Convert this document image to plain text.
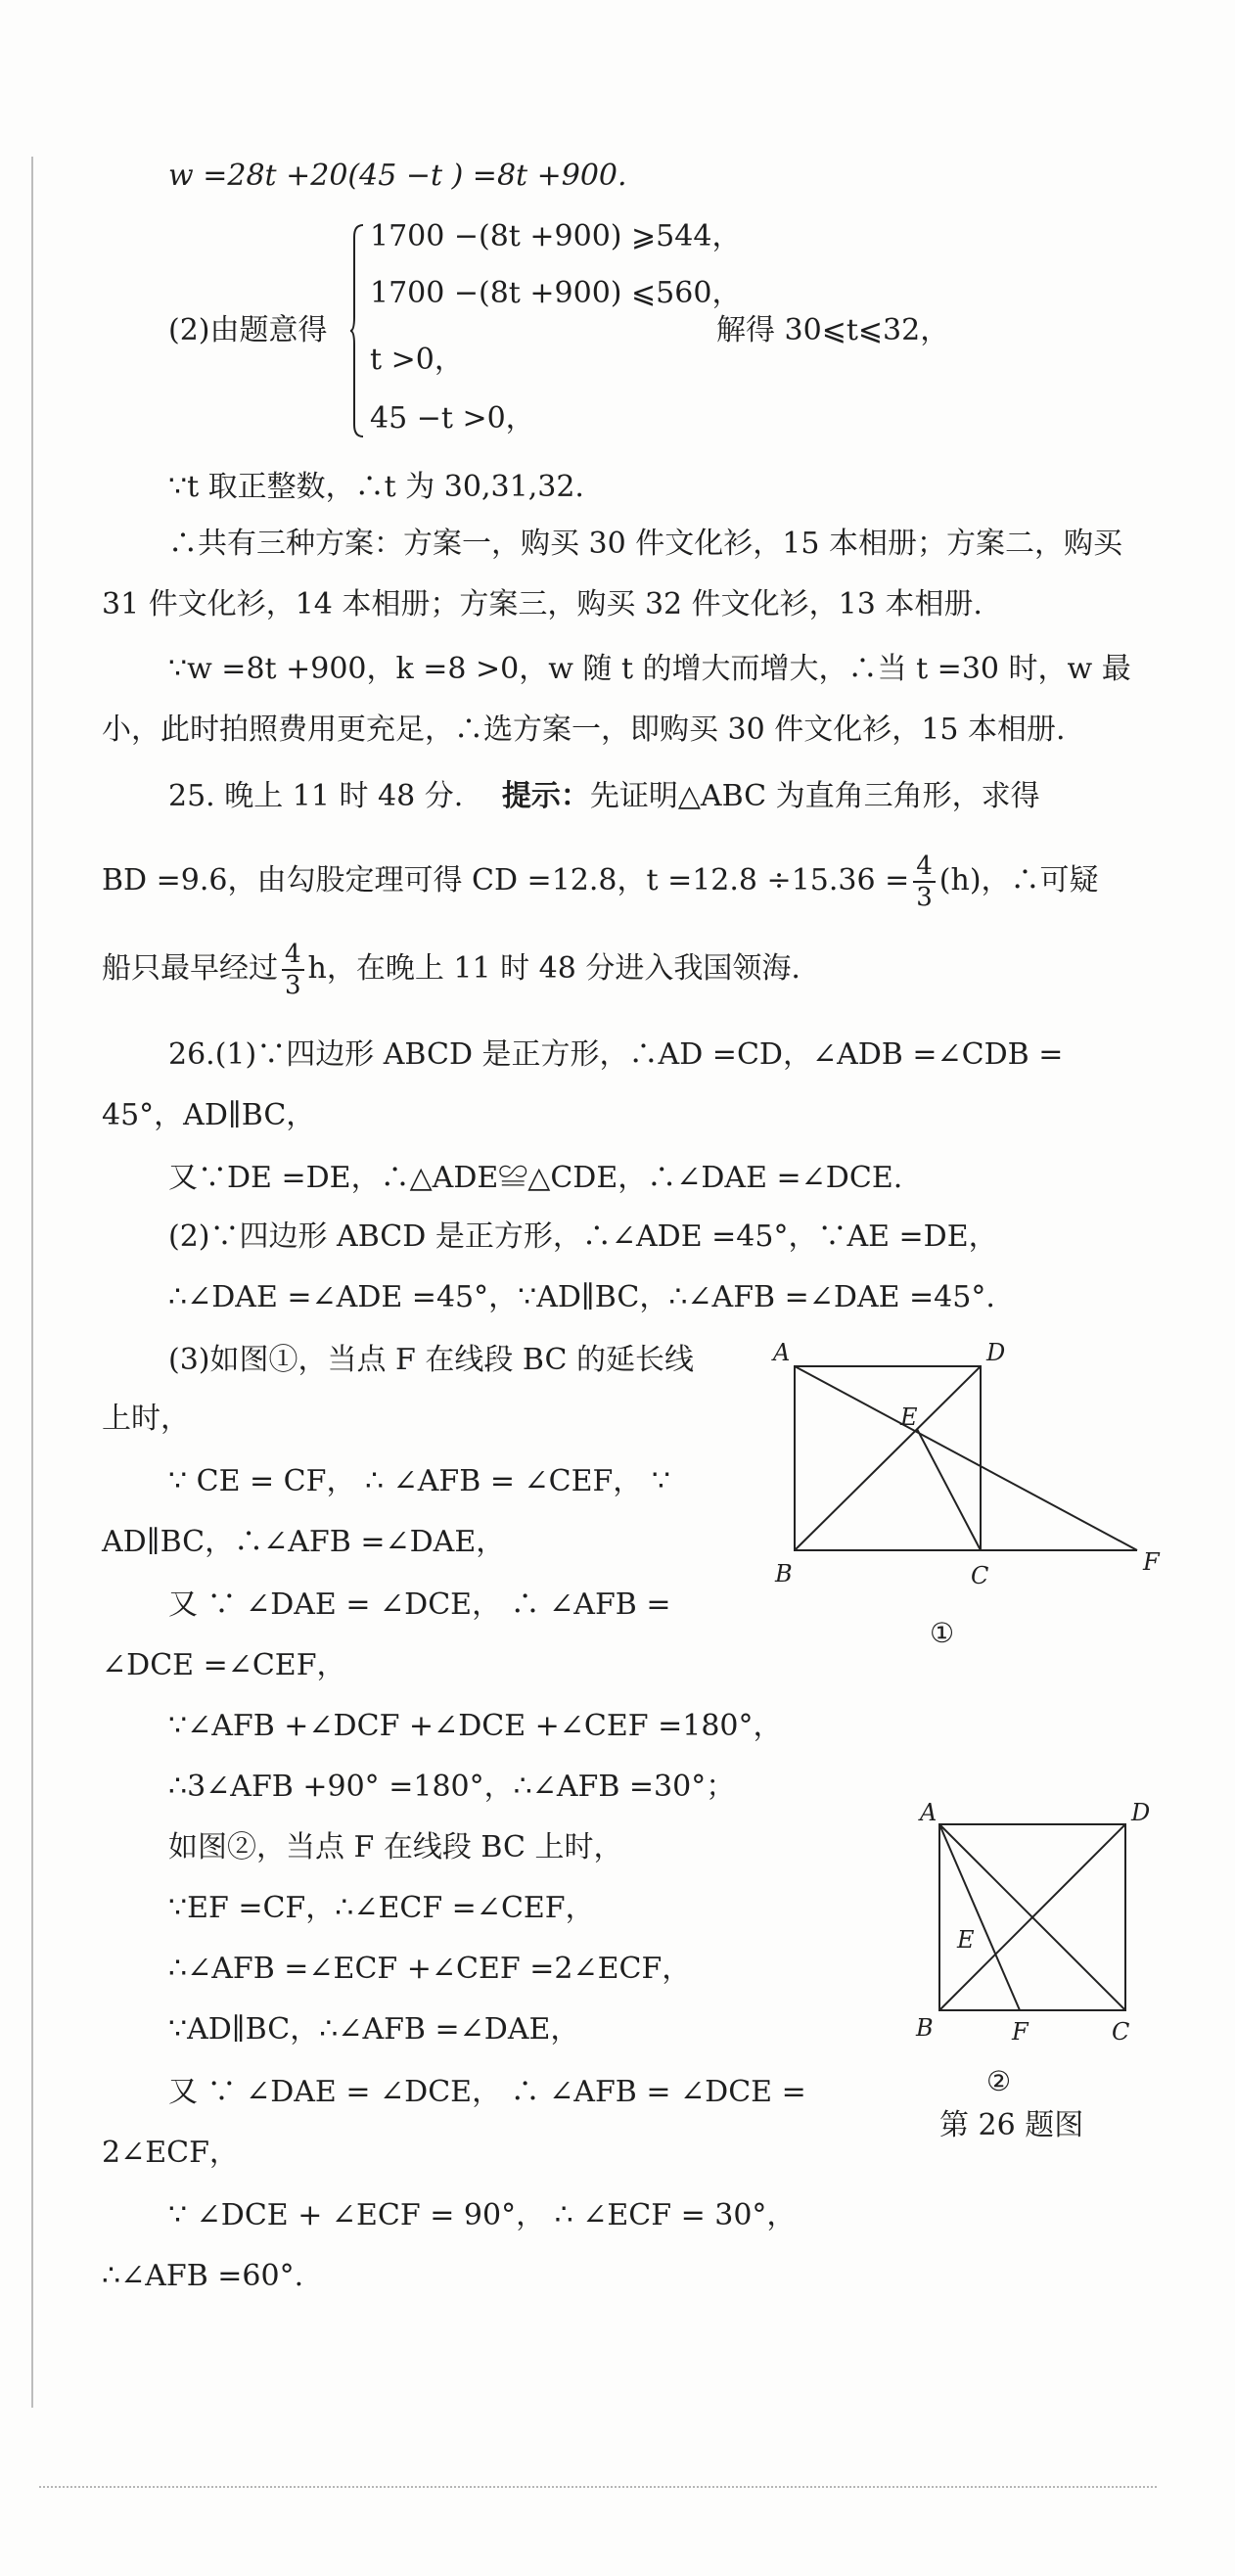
w =28t +20(45 −t ) =8t +900.
(2)由题意得
1700 −(8t +900) ⩾544，
1700 −(8t +900) ⩽560，
t >0，
45 −t >0，
解得 30⩽t⩽32，
∵t 取正整数，∴t 为 30,31,32.
∴共有三种方案：方案一，购买 30 件文化衫，15 本相册；方案二，购买
31 件文化衫，14 本相册；方案三，购买 32 件文化衫，13 本相册.
∵w =8t +900，k =8 >0，w 随 t 的增大而增大，∴当 t =30 时，w 最
小，此时拍照费用更充足，∴选方案一，即购买 30 件文化衫，15 本相册.
25. 晚上 11 时 48 分. 提示：先证明△ABC 为直角三角形，求得
BD =9.6，由勾股定理可得 CD =12.8，$t =12.8 \div 15.36 = \frac{4}{3} (h)$，∴可疑
船只最早经过 $\frac{4}{3}$ h，在晚上 11 时 48 分进入我国领海.
26.(1)∵四边形 ABCD 是正方形，∴AD =CD，∠ADB =∠CDB =
45°，AD∥BC，
又∵DE =DE，∴△ADE≌△CDE，∴∠DAE =∠DCE.
(2)∵四边形 ABCD 是正方形，∴∠ADE =45°，∵AE =DE，
∴∠DAE =∠ADE =45°，∵AD∥BC，∴∠AFB =∠DAE =45°.
(3)如图①，当点 F 在线段 BC 的延长线
上时，
∵ CE = CF， ∴ ∠AFB = ∠CEF， ∵
AD∥BC，∴∠AFB =∠DAE，
又 ∵ ∠DAE = ∠DCE， ∴ ∠AFB =
∠DCE =∠CEF，
∵∠AFB +∠DCF +∠DCE +∠CEF =180°，
∴3∠AFB +90° =180°，∴∠AFB =30°；
如图②，当点 F 在线段 BC 上时，
∵EF =CF，∴∠ECF =∠CEF，
∴∠AFB =∠ECF +∠CEF =2∠ECF，
∵AD∥BC，∴∠AFB =∠DAE，
又 ∵ ∠DAE = ∠DCE， ∴ ∠AFB = ∠DCE =
2∠ECF，
∵ ∠DCE + ∠ECF = 90°， ∴ ∠ECF = 30°，
∴∠AFB =60°.
A	D
E
B	C	F
①
A	D
E
B	F	C
②
第 26 题图
